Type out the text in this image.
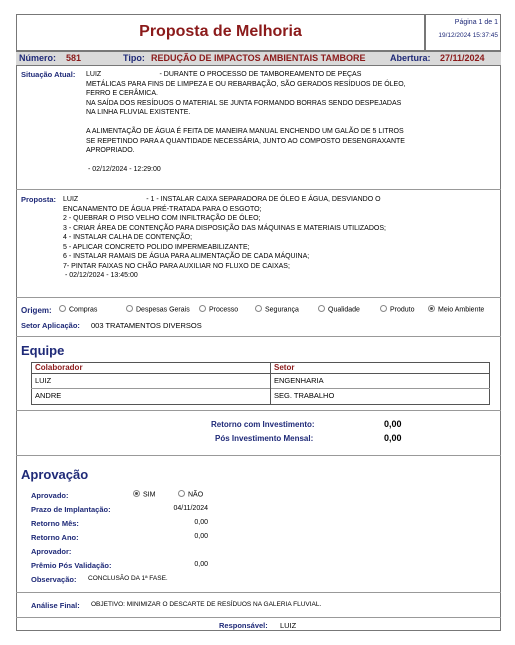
Proposta de Melhoria
Página 1 de 1
19/12/2024 15:37:45
Número: 581	Tipo: REDUÇÃO DE IMPACTOS AMBIENTAIS TAMBORE	Abertura: 27/11/2024
Situação Atual: LUIZ                              - DURANTE O PROCESSO DE TAMBOREAMENTO DE PEÇAS
METÁLICAS PARA FINS DE LIMPEZA E OU REBARBAÇÃO, SÃO GERADOS RESÍDUOS DE ÓLEO,
FERRO E CERÂMICA.
NA SAÍDA DOS RESÍDUOS O MATERIAL SE JUNTA FORMANDO BORRAS SENDO DESPEJADAS
NA LINHA FLUVIAL EXISTENTE.

A ALIMENTAÇÃO DE ÁGUA É FEITA DE MANEIRA MANUAL ENCHENDO UM GALÃO DE 5 LITROS
SE REPETINDO PARA A QUANTIDADE NECESSÁRIA, JUNTO AO COMPOSTO DESENGRAXANTE
APROPRIADO.

- 02/12/2024 - 12:29:00
Proposta: LUIZ                                   - 1 - INSTALAR CAIXA SEPARADORA DE ÓLEO E ÁGUA, DESVIANDO O
ENCANAMENTO DE ÁGUA PRÉ-TRATADA PARA O ESGOTO;
2 - QUEBRAR O PISO VELHO COM INFILTRAÇÃO DE ÓLEO;
3 - CRIAR ÁREA DE CONTENÇÃO PARA DISPOSIÇÃO DAS MÁQUINAS E MATERIAIS UTILIZADOS;
4 - INSTALAR CALHA DE CONTENÇÃO;
5 - APLICAR CONCRETO POLIDO IMPERMEABILIZANTE;
6 - INSTALAR RAMAIS DE ÁGUA PARA ALIMENTAÇÃO DE CADA MÁQUINA;
7- PINTAR FAIXAS NO CHÃO PARA AUXILIAR NO FLUXO DE CAIXAS;
- 02/12/2024 - 13:45:00
Origem:	Compras	Despesas Gerais	Processo	Segurança	Qualidade	Produto	Meio Ambiente
Setor Aplicação: 003 TRATAMENTOS DIVERSOS
Equipe
Colaborador	Setor
LUIZ	ENGENHARIA
ANDRE	SEG. TRABALHO
Retorno com Investimento:	0,00
Pós Investimento Mensal:	0,00
Aprovação
Aprovado:	SIM	NÃO
Prazo de Implantação:	04/11/2024
Retorno Mês:	0,00
Retorno Ano:	0,00
Aprovador:
Prêmio Pós Validação:	0,00
Observação: CONCLUSÃO DA 1ª FASE.
Análise Final: OBJETIVO: MINIMIZAR O DESCARTE DE RESÍDUOS NA GALERIA FLUVIAL.
Responsável: LUIZ
